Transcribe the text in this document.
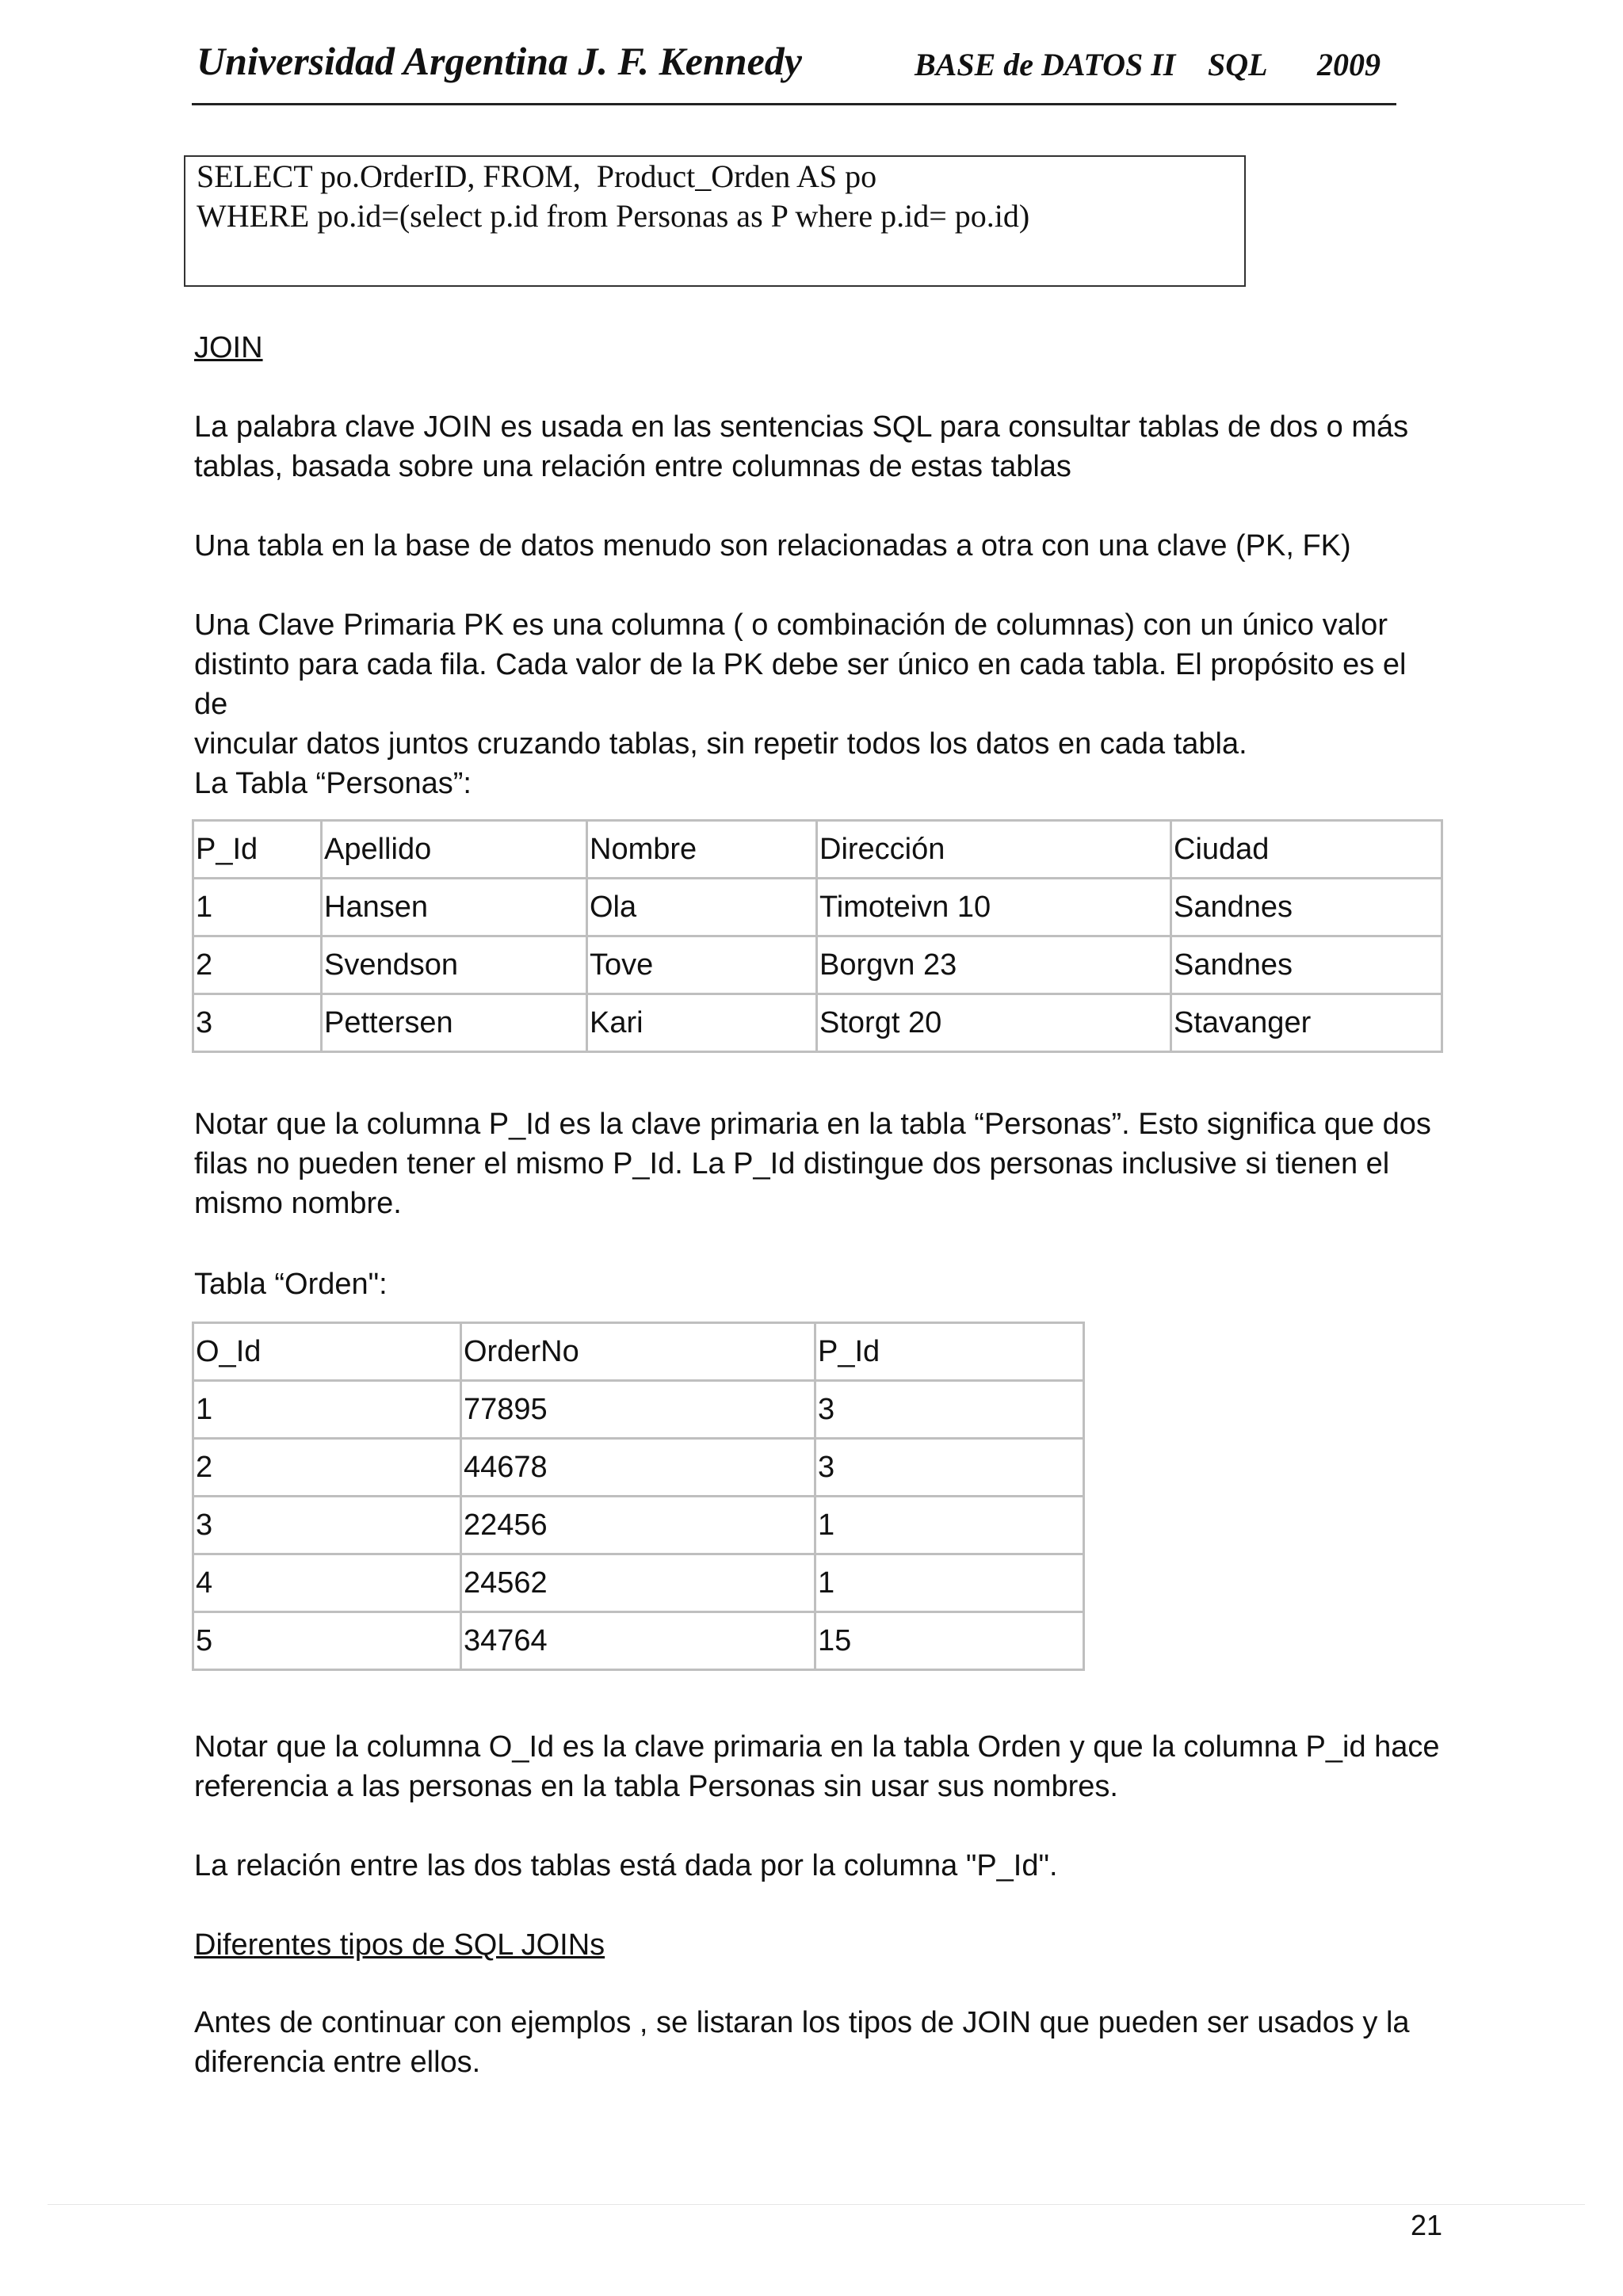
Universidad Argentina J. F. Kennedy	BASE de DATOS II SQL 2009
SELECT po.OrderID, FROM,  Product_Orden AS po
WHERE po.id=(select p.id from Personas as P where p.id= po.id)
JOIN
La palabra clave JOIN es usada en las sentencias SQL para consultar tablas de dos o más
tablas, basada sobre una relación entre columnas de estas tablas
Una tabla en la base de datos menudo son relacionadas a otra con una clave (PK, FK)
Una Clave Primaria PK es una columna ( o combinación de columnas) con un único valor
distinto para cada fila. Cada valor de la PK debe ser único en cada tabla. El propósito es el de
vincular datos juntos cruzando tablas, sin repetir todos los datos en cada tabla.
La Tabla “Personas”:
P_Id	Apellido	Nombre	Dirección	Ciudad
1	Hansen	Ola	Timoteivn 10	Sandnes
2	Svendson	Tove	Borgvn 23	Sandnes
3	Pettersen	Kari	Storgt 20	Stavanger
Notar que la columna P_Id es la clave primaria en la tabla “Personas”. Esto significa que dos
filas no pueden tener el mismo P_Id. La P_Id distingue dos personas inclusive si tienen el
mismo nombre.
Tabla “Orden":
O_Id	OrderNo	P_Id
1	77895	3
2	44678	3
3	22456	1
4	24562	1
5	34764	15
Notar que la columna O_Id es la clave primaria en la tabla Orden y que la columna P_id hace
referencia a las personas en la tabla Personas sin usar sus nombres.
La relación entre las dos tablas está dada por la columna "P_Id".
Diferentes tipos de SQL JOINs
Antes de continuar con ejemplos , se listaran los tipos de JOIN que pueden ser usados y la
diferencia entre ellos.
21
